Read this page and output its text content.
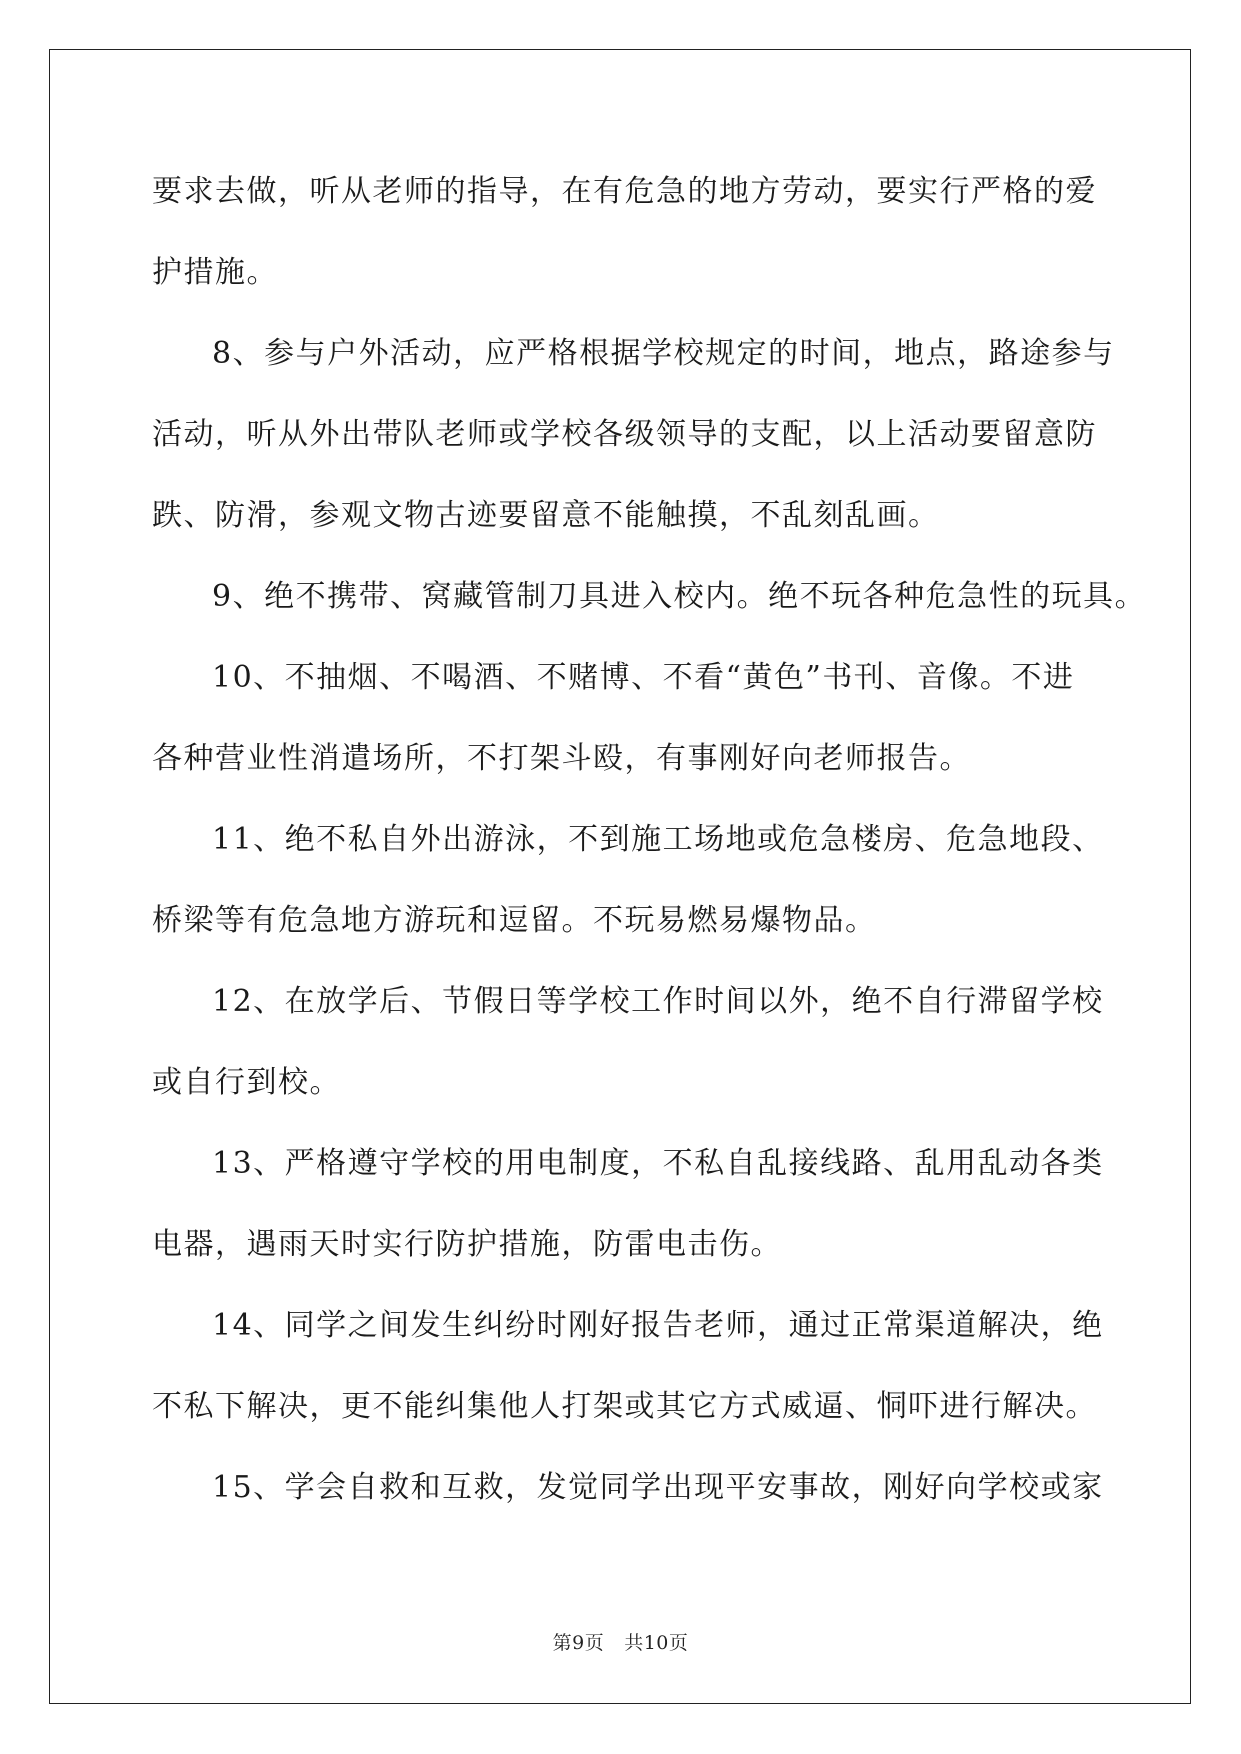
要求去做，听从老师的指导，在有危急的地方劳动，要实行严格的爱
护措施。
8、参与户外活动，应严格根据学校规定的时间，地点，路途参与
活动，听从外出带队老师或学校各级领导的支配，以上活动要留意防
跌、防滑，参观文物古迹要留意不能触摸，不乱刻乱画。
9、绝不携带、窝藏管制刀具进入校内。绝不玩各种危急性的玩具。
10、不抽烟、不喝酒、不赌博、不看“黄色”书刊、音像。不进
各种营业性消遣场所，不打架斗殴，有事刚好向老师报告。
11、绝不私自外出游泳，不到施工场地或危急楼房、危急地段、
桥梁等有危急地方游玩和逗留。不玩易燃易爆物品。
12、在放学后、节假日等学校工作时间以外，绝不自行滞留学校
或自行到校。
13、严格遵守学校的用电制度，不私自乱接线路、乱用乱动各类
电器，遇雨天时实行防护措施，防雷电击伤。
14、同学之间发生纠纷时刚好报告老师，通过正常渠道解决，绝
不私下解决，更不能纠集他人打架或其它方式威逼、恫吓进行解决。
15、学会自救和互救，发觉同学出现平安事故，刚好向学校或家
第9页 共10页
